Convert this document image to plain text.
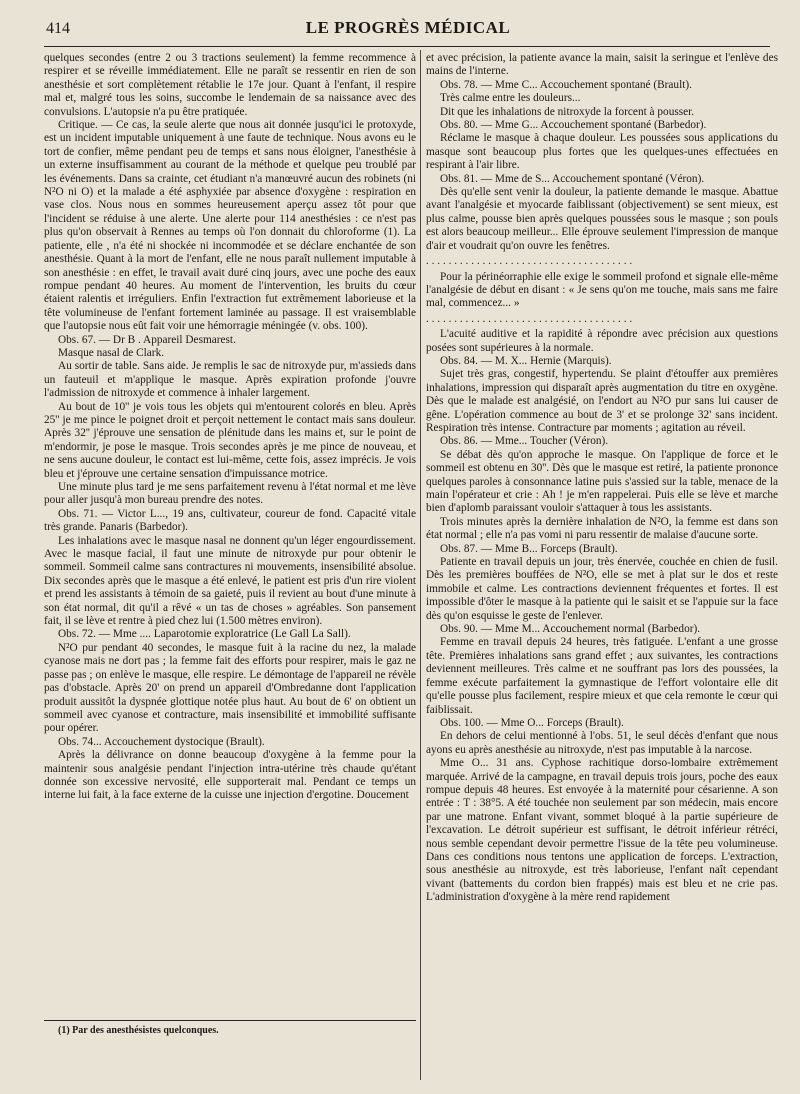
414	LE PROGRÈS MÉDICAL

quelques secondes (entre 2 ou 3 tractions seulement) la femme recommence à respirer et se réveille immédiatement. Elle ne paraît se ressentir en rien de son anesthésie et sort complètement rétablie le 17e jour. Quant à l'enfant, il respire mal et, malgré tous les soins, succombe le lendemain de sa naissance avec des convulsions. L'autopsie n'a pu être pratiquée.

Critique. — Ce cas, la seule alerte que nous ait donnée jusqu'ici le protoxyde, est un incident imputable uniquement à une faute de technique. Nous avons eu le tort de confier, même pendant peu de temps et sans nous éloigner, l'anesthésie à un externe insuffisamment au courant de la méthode et quelque peu troublé par les événements. Dans sa crainte, cet étudiant n'a manœuvré aucun des robinets (ni N²O ni O) et la malade a été asphyxiée par absence d'oxygène : respiration en vase clos. Nous nous en sommes heureusement aperçu assez tôt pour que l'incident se réduise à une alerte. Une alerte pour 114 anesthésies : ce n'est pas plus qu'on observait à Rennes au temps où l'on donnait du chloroforme (1). La patiente, elle , n'a été ni shockée ni incommodée et se déclare enchantée de son anesthésie. Quant à la mort de l'enfant, elle ne nous paraît nullement imputable à son anesthésie : en effet, le travail avait duré cinq jours, avec une poche des eaux rompue pendant 40 heures. Au moment de l'intervention, les bruits du cœur étaient ralentis et irréguliers. Enfin l'extraction fut extrêmement laborieuse et la tête volumineuse de l'enfant fortement laminée au passage. Il est vraisemblable que l'autopsie nous eût fait voir une hémorragie méningée (v. obs. 100).

Obs. 67. — Dr B . Appareil Desmarest.

Masque nasal de Clark.

Au sortir de table. Sans aide. Je remplis le sac de nitroxyde pur, m'assieds dans un fauteuil et m'applique le masque. Après expiration profonde j'ouvre l'admission de nitroxyde et commence à inhaler largement.

Au bout de 10'' je vois tous les objets qui m'entourent colorés en bleu. Après 25'' je me pince le poignet droit et perçoit nettement le contact mais sans douleur. Après 32'' j'éprouve une sensation de plénitude dans les mains et, sur le point de m'endormir, je pose le masque. Trois secondes après je me pince de nouveau, et ne sens aucune douleur, le contact est lui-même, cette fois, assez imprécis. Je vois bleu et j'éprouve une certaine sensation d'impuissance motrice.

Une minute plus tard je me sens parfaitement revenu à l'état normal et me lève pour aller jusqu'à mon bureau prendre des notes.

Obs. 71. — Victor L..., 19 ans, cultivateur, coureur de fond. Capacité vitale très grande. Panaris (Barbedor).

Les inhalations avec le masque nasal ne donnent qu'un léger engourdissement. Avec le masque facial, il faut une minute de nitroxyde pur pour obtenir le sommeil. Sommeil calme sans contractures ni mouvements, insensibilité absolue. Dix secondes après que le masque a été enlevé, le patient est pris d'un rire violent et prend les assistants à témoin de sa gaieté, puis il revient au bout d'une minute à son état normal, dit qu'il a rêvé « un tas de choses » agréables. Son pansement fait, il se lève et rentre à pied chez lui (1.500 mètres environ).

Obs. 72. — Mme .... Laparotomie exploratrice (Le Gall La Sall).

N²O pur pendant 40 secondes, le masque fuit à la racine du nez, la malade cyanose mais ne dort pas ; la femme fait des efforts pour respirer, mais le gaz ne passe pas ; on enlève le masque, elle respire. Le démontage de l'appareil ne révèle pas d'obstacle. Après 20' on prend un appareil d'Ombredanne dont l'application produit aussitôt la dyspnée glottique notée plus haut. Au bout de 6' on obtient un sommeil avec cyanose et contracture, mais insensibilité et immobilité suffisante pour opérer.

Obs. 74... Accouchement dystocique (Brault).

Après la délivrance on donne beaucoup d'oxygène à la femme pour la maintenir sous analgésie pendant l'injection intra-utérine très chaude qu'étant donnée son excessive nervosité, elle supporterait mal. Pendant ce temps un interne lui fait, à la face externe de la cuisse une injection d'ergotine. Doucement

(1) Par des anesthésistes quelconques.

et avec précision, la patiente avance la main, saisit la seringue et l'enlève des mains de l'interne.

Obs. 78. — Mme C... Accouchement spontané (Brault).

Très calme entre les douleurs...

Dit que les inhalations de nitroxyde la forcent à pousser.

Obs. 80. — Mme G... Accouchement spontané (Barbedor).

Réclame le masque à chaque douleur. Les poussées sous applications du masque sont beaucoup plus fortes que les quelques-unes effectuées en respirant à l'air libre.

Obs. 81. — Mme de S... Accouchement spontané (Véron).

Dès qu'elle sent venir la douleur, la patiente demande le masque. Abattue avant l'analgésie et myocarde faiblissant (objectivement) se sent mieux, est plus calme, pousse bien après quelques poussées sous le masque ; son pouls est alors beaucoup meilleur... Elle éprouve seulement l'impression de manque d'air et voudrait qu'on ouvre les fenêtres.

. . . . . . . . . . . . . . . . . . . . . . . . . . . . . . . . . . . . .

Pour la périnéorraphie elle exige le sommeil profond et signale elle-même l'analgésie de début en disant : « Je sens qu'on me touche, mais sans me faire mal, commencez... »

. . . . . . . . . . . . . . . . . . . . . . . . . . . . . . . . . . . . .

L'acuité auditive et la rapidité à répondre avec précision aux questions posées sont supérieures à la normale.

Obs. 84. — M. X... Hernie (Marquis).

Sujet très gras, congestif, hypertendu. Se plaint d'étouffer aux premières inhalations, impression qui disparaît après augmentation du titre en oxygène. Dès que le malade est analgésié, on l'endort au N²O pur sans lui causer de gêne. L'opération commence au bout de 3' et se prolonge 32' sans incident. Respiration très intense. Contracture par moments ; agitation au réveil.

Obs. 86. — Mme... Toucher (Véron).

Se débat dès qu'on approche le masque. On l'applique de force et le sommeil est obtenu en 30''. Dès que le masque est retiré, la patiente prononce quelques paroles à consonnance latine puis s'assied sur la table, menace de la main l'opérateur et crie : Ah ! je m'en rappelerai. Puis elle se lève et marche bien d'aplomb paraissant vouloir s'attaquer à tous les assistants.

Trois minutes après la dernière inhalation de N²O, la femme est dans son état normal ; elle n'a pas vomi ni paru ressentir de malaise d'aucune sorte.

Obs. 87. — Mme B... Forceps (Brault).

Patiente en travail depuis un jour, très énervée, couchée en chien de fusil. Dès les premières bouffées de N²O, elle se met à plat sur le dos et reste immobile et calme. Les contractions deviennent fréquentes et fortes. Il est impossible d'ôter le masque à la patiente qui le saisit et se l'appuie sur la face dès qu'on esquisse le geste de l'enlever.

Obs. 90. — Mme M... Accouchement normal (Barbedor).

Femme en travail depuis 24 heures, très fatiguée. L'enfant a une grosse tête. Premières inhalations sans grand effet ; aux suivantes, les contractions deviennent meilleures. Très calme et ne souffrant pas lors des poussées, la femme exécute parfaitement la gymnastique de l'effort volontaire elle dit qu'elle pousse plus facilement, respire mieux et que cela remonte le cœur qui faiblissait.

Obs. 100. — Mme O... Forceps (Brault).

En dehors de celui mentionné à l'obs. 51, le seul décès d'enfant que nous ayons eu après anesthésie au nitroxyde, n'est pas imputable à la narcose.

Mme O... 31 ans. Cyphose rachitique dorso-lombaire extrêmement marquée. Arrivé de la campagne, en travail depuis trois jours, poche des eaux rompue depuis 48 heures. Est envoyée à la maternité pour césarienne. A son entrée : T : 38°5. A été touchée non seulement par son médecin, mais encore par une matrone. Enfant vivant, sommet bloqué à la partie supérieure de l'excavation. Le détroit supérieur est suffisant, le détroit inférieur rétréci, nous semble cependant devoir permettre l'issue de la tête peu volumineuse. Dans ces conditions nous tentons une application de forceps. L'extraction, sous anesthésie au nitroxyde, est très laborieuse, l'enfant naît cependant vivant (battements du cordon bien frappés) mais est bleu et ne crie pas. L'administration d'oxygène à la mère rend rapidement
